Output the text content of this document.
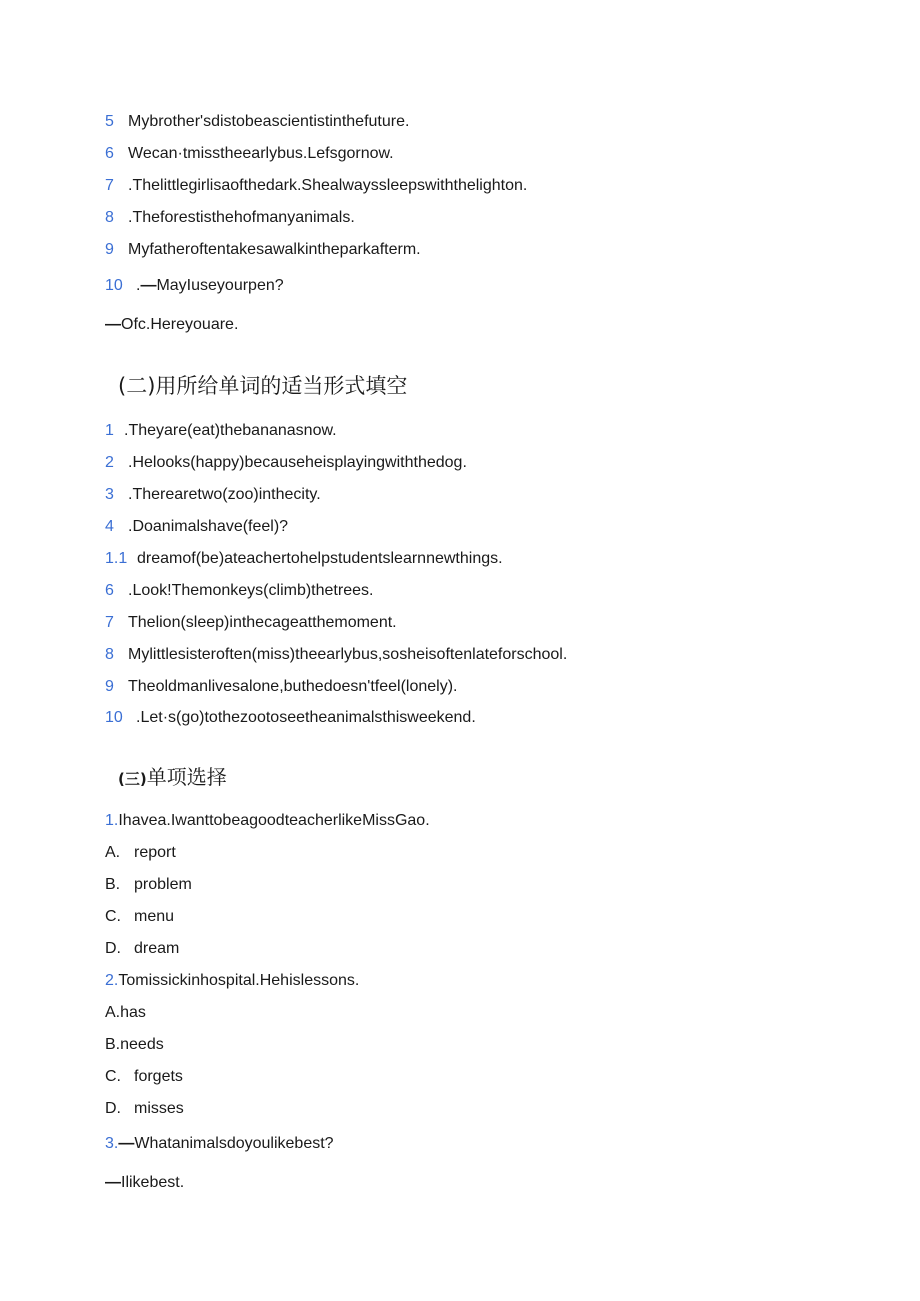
5 Mybrother'sdistobeascientistinthefuture.
6 Wecan·tmisstheearlybus.Lefsgornow.
7 .Thelittlegirlisaofthedark.Shealwayssleepswiththelighton.
8 .Theforestisthehofmanyanimals.
9 Myfatheroftentakesawalkintheparkafterm.
10 .—MayIuseyourpen?
—Ofc.Hereyouare.
(二)用所给单词的适当形式填空
1 .Theyare(eat)thebananasnow.
2 .Helooks(happy)becauseheisplayingwiththedog.
3 .Therearetwo(zoo)inthecity.
4 .Doanimalshave(feel)?
1.1 dreamof(be)ateachertohelpstudentslearnnewthings.
6 .Look!Themonkeys(climb)thetrees.
7 Thelion(sleep)inthecageatthemoment.
8 Mylittlesisteroften(miss)theearlybus,sosheisoftenlateforschool.
9 Theoldmanlivesalone,buthedoesn'tfeel(lonely).
10 .Let·s(go)tothezootoseetheanimalsthisweekend.
(三)单项选择
1.Ihavea.IwanttobeagoodteacherlikeMissGao.
A. report
B. problem
C. menu
D. dream
2.Tomissickinhospital.Hehislessons.
A.has
B.needs
C. forgets
D. misses
3.—Whatanimalsdoyoulikebest?
—Ilikebest.
